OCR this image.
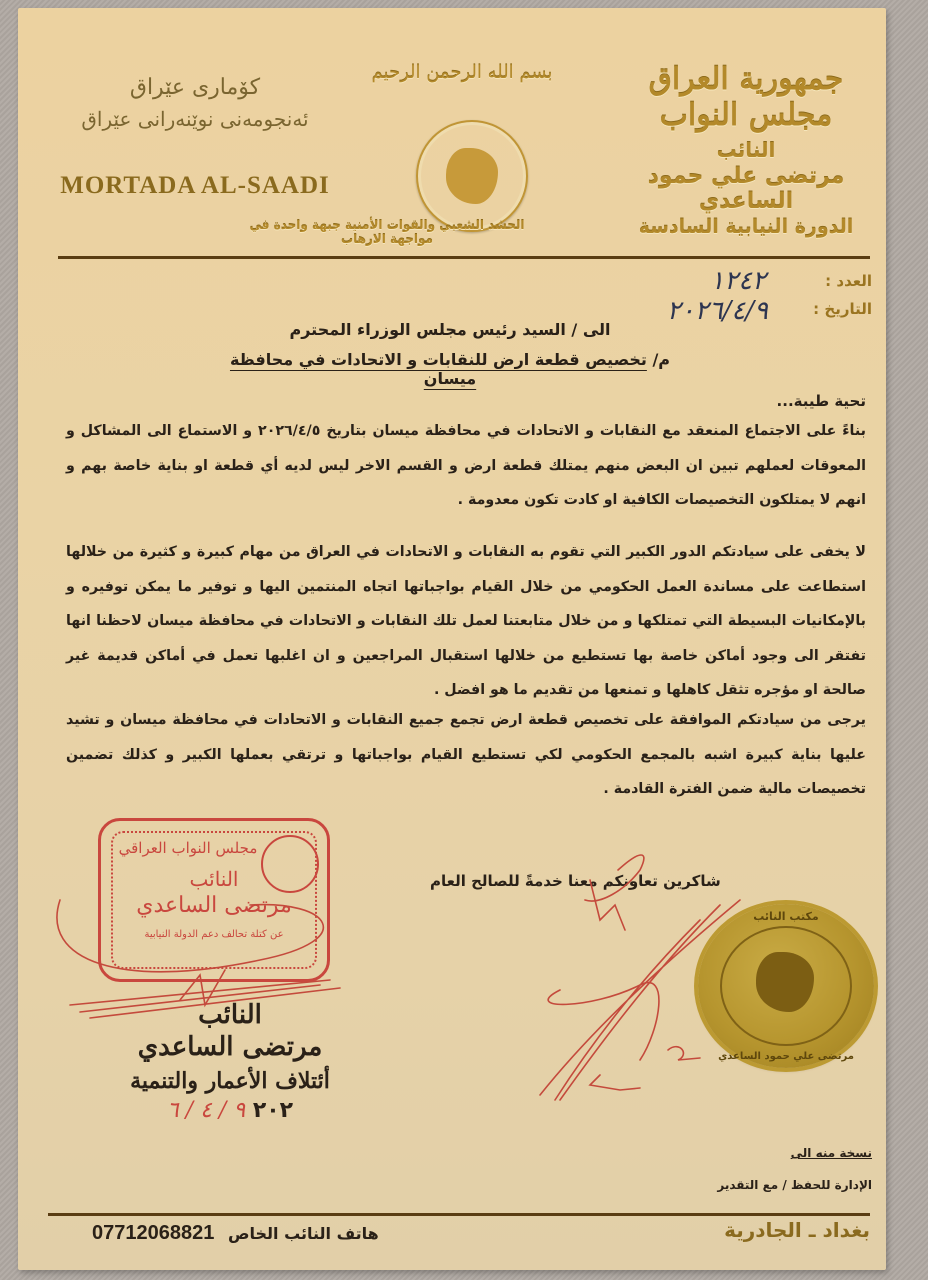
جمهورية العراق
مجلس النواب
النائب
مرتضى علي حمود الساعدي
الدورة النيابية السادسة
بسم الله الرحمن الرحيم
الحشد الشعبي والقوات الأمنية جبهة واحدة في مواجهة الارهاب
کۆماری عێراق
ئەنجومەنی نوێنەرانی عێراق
MORTADA AL-SAADI
العدد :
١٢٤٢
التاريخ :
٢٠٢٦/٤/٩
الى / السيد رئيس مجلس الوزراء المحترم
م/ تخصيص قطعة ارض للنقابات و الاتحادات في محافظة ميسان
تحية طيبة...
بناءً على الاجتماع المنعقد مع النقابات و الاتحادات في محافظة ميسان بتاريخ ٢٠٢٦/٤/٥ و الاستماع الى المشاكل و المعوقات لعملهم تبين ان البعض منهم يمتلك قطعة ارض و القسم الاخر ليس لديه أي قطعة او بناية خاصة بهم و انهم لا يمتلكون التخصيصات الكافية او كادت تكون معدومة .
لا يخفى على سيادتكم الدور الكبير التي تقوم به النقابات و الاتحادات في العراق من مهام كبيرة و كثيرة من خلالها استطاعت على مساندة العمل الحكومي من خلال القيام بواجباتها اتجاه المنتمين اليها و توفير ما يمكن توفيره و بالإمكانيات البسيطة التي تمتلكها و من خلال متابعتنا لعمل تلك النقابات و الاتحادات في محافظة ميسان لاحظنا انها تفتقر الى وجود أماكن خاصة بها تستطيع من خلالها استقبال المراجعين و ان اغلبها تعمل في أماكن قديمة غير صالحة او مؤجره تثقل كاهلها و تمنعها من تقديم ما هو افضل .
يرجى من سيادتكم الموافقة على تخصيص قطعة ارض تجمع جميع النقابات و الاتحادات في محافظة ميسان و تشيد عليها بناية كبيرة اشبه بالمجمع الحكومي لكي تستطيع القيام بواجباتها و ترتقي بعملها الكبير و كذلك تضمين تخصيصات مالية ضمن الفترة القادمة .
شاكرين تعاونكم معنا خدمةً للصالح العام
مجلس النواب العراقي
النائب
مرتضى الساعدي
عن كتلة تحالف دعم الدولة النيابية
مكتب النائب
مرتضى علي حمود الساعدي
النائب
مرتضى الساعدي
أئتلاف الأعمار والتنمية
٢٠٢ ٩ / ٤ / ٦
نسخة منه الى
الإدارة للحفظ / مع التقدير
بغداد ـ الجادرية
07712068821 هاتف النائب الخاص
